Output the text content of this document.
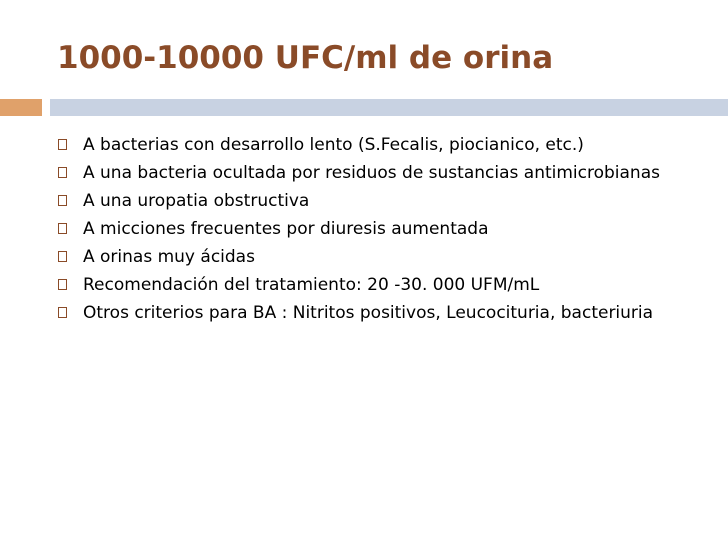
1000-10000 UFC/ml de orina
A bacterias con desarrollo lento (S.Fecalis, piocianico, etc.)
A una bacteria ocultada por residuos de sustancias antimicrobianas
A una uropatia obstructiva
A micciones frecuentes por diuresis aumentada
A orinas muy ácidas
Recomendación del tratamiento: 20 -30. 000 UFM/mL
Otros criterios para BA : Nitritos positivos, Leucocituria, bacteriuria
